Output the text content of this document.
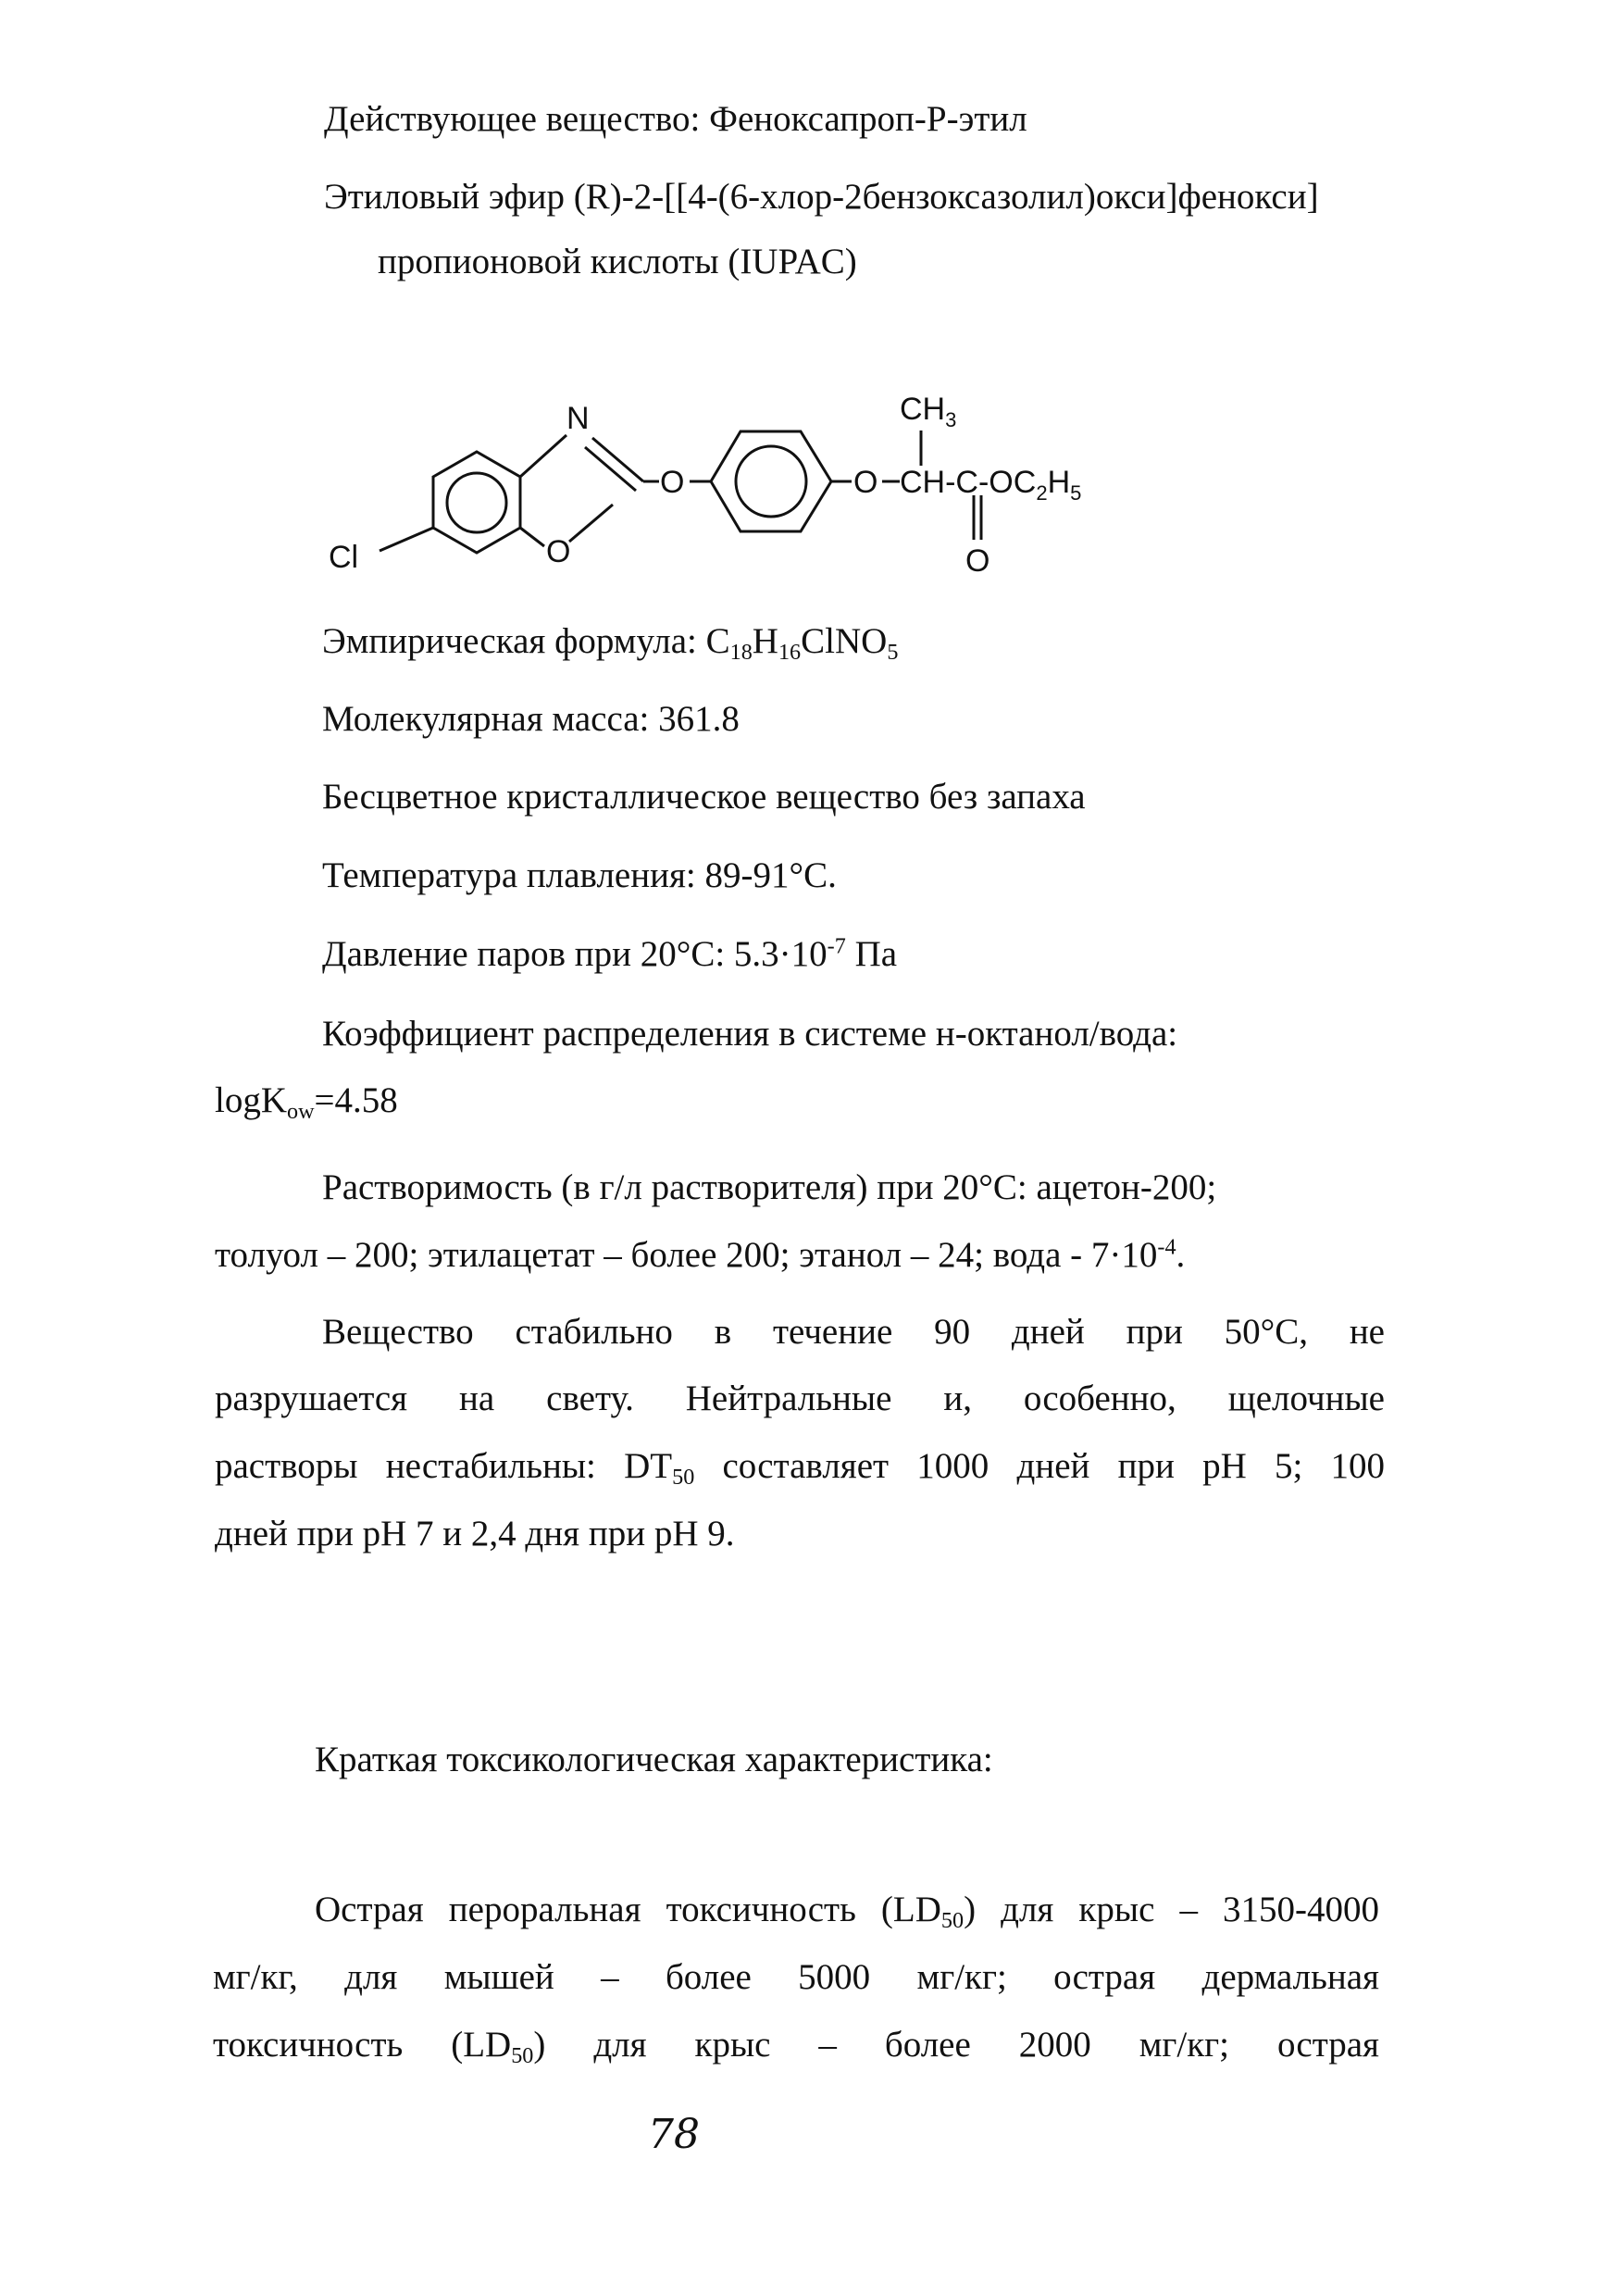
Действующее вещество: Феноксапроп-Р-этил
Этиловый эфир (R)-2-[[4-(6-хлор-2бензоксазолил)окси]фенокси]
пропионовой кислоты (IUPAC)
N
O
O	O
Cl
$CH_3$
$CH-C-OC_2H_5$
O
Эмпирическая формула: $C_{18}H_{16}ClNO_5$
Молекулярная масса: 361.8
Бесцветное кристаллическое вещество без запаха
Температура плавления: 89-91°С.
Давление паров при 20°С: $5.3\cdot 10^{-7}$ Па
Коэффициент распределения в системе н-октанол/вода:
logK$_{ow}$=4.58
Растворимость (в г/л растворителя) при 20°С: ацетон-200;
толуол – 200; этилацетат – более 200; этанол – 24; вода - $7\cdot 10^{-4}$.
Вещество стабильно в течение 90 дней при 50°С, не
разрушается на свету. Нейтральные и, особенно, щелочные
растворы нестабильны: $DT_{50}$ составляет 1000 дней при рН 5; 100
дней при рН 7 и 2,4 дня при рН 9.
Краткая токсикологическая характеристика:
Острая пероральная токсичность $(LD_{50})$ для крыс – 3150-4000
мг/кг, для мышей – более 5000 мг/кг; острая дермальная
токсичность $(LD_{50})$ для крыс – более 2000 мг/кг; острая
78
